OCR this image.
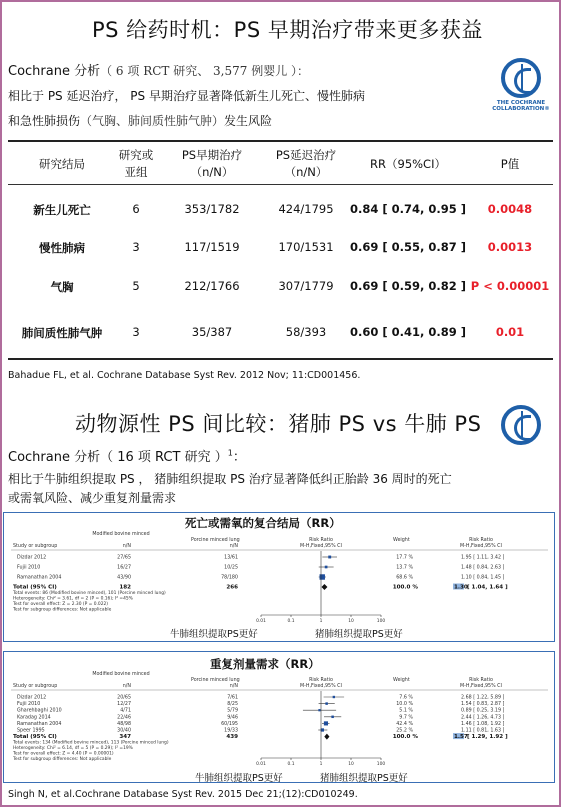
PS 给药时机：PS 早期治疗带来更多获益
Cochrane 分析（ 6 项 RCT 研究、 3,577 例婴儿 ）：
相比于 PS 延迟治疗， PS 早期治疗显著降低新生儿死亡、慢性肺病
和急性肺损伤（气胸、肺间质性肺气肿）发生风险
THE COCHRANE COLLABORATION®
研究结局
研究或
亚组
PS早期治疗
（n/N）
PS延迟治疗
（n/N）
RR（95%CI）	P值
新生儿死亡	6	353/1782	424/1795	0.84 [ 0.74, 0.95 ]	0.0048
慢性肺病	3	117/1519	170/1531	0.69 [ 0.55, 0.87 ]	0.0013
气胸	5	212/1766	307/1779	0.69 [ 0.59, 0.82 ] P < 0.00001
肺间质性肺气肿	3	35/387	58/393	0.60 [ 0.41, 0.89 ]	0.01
Bahadue FL, et al. Cochrane Database Syst Rev. 2012 Nov; 11:CD001456.
动物源性 PS 间比较：猪肺 PS vs 牛肺 PS
Cochrane 分析（ 16 项 RCT 研究 ）$^1$：
相比于牛肺组织提取 PS ， 猪肺组织提取 PS 治疗显著降低纠正胎龄 36 周时的死亡
或需氧风险、减少重复剂量需求
死亡或需氧的复合结局（RR）
Study or subgroup
Modified bovine minced
Porcine minced lung
n/N	n/N
Risk Ratio
M-H,Fixed,95% CI
Weight	Risk Ratio
M-H,Fixed,95% CI
Dizdar 2012	27/65	13/61	17.7 %	1.95 [ 1.11, 3.42 ]
Fujii 2010	16/27	10/25	13.7 %	1.48 [ 0.84, 2.63 ]
Ramanathan 2004	43/90	78/180	68.6 %	1.10 [ 0.84, 1.45 ]
Total (95% CI)	182	266	100.0 %	1.30 [ 1.04, 1.64 ]
Total events: 86 (Modified bovine minced), 101 (Porcine minced lung)
Heterogeneity: Chi² = 3.61, df = 2 (P = 0.16); I² =45%
Test for overall effect: Z = 2.30 (P = 0.022)
Test for subgroup differences: Not applicable
0.01	0.1	1	10	100
牛肺组织提取PS更好	猪肺组织提取PS更好
重复剂量需求（RR）
Study or subgroup
Modified bovine minced
Porcine minced lung
n/N	n/N
Risk Ratio
M-H,Fixed,95% CI
Weight	Risk Ratio
M-H,Fixed,95% CI
Dizdar 2012	20/65	7/61	7.6 %	2.68 [ 1.22, 5.89 ]
Fujii 2010	12/27	8/25	10.0 %	1.54 [ 0.83, 2.87 ]
Gharehbaghi 2010	4/71	5/79	5.1 %	0.89 [ 0.25, 3.19 ]
Karadag 2014	22/46	9/46	9.7 %	2.44 [ 1.26, 4.73 ]
Ramanathan 2004	48/98	60/195	42.4 %	1.46 [ 1.08, 1.92 ]
Speer 1995	30/40	19/33	25.2 %	1.11 [ 0.81, 1.63 ]
Total (95% CI)	347	439	100.0 %	1.57 [ 1.29, 1.92 ]
Total events: 134 (Modified bovine minced), 113 (Porcine minced lung)
Heterogeneity: Chi² = 6.14, df = 5 (P = 0.29); I² =19%
Test for overall effect: Z = 4.40 (P = 0.00001)
Test for subgroup differences: Not applicable
0.01	0.1	1	10	100
牛肺组织提取PS更好	猪肺组织提取PS更好
Singh N, et al.Cochrane Database Syst Rev. 2015 Dec 21;(12):CD010249.
